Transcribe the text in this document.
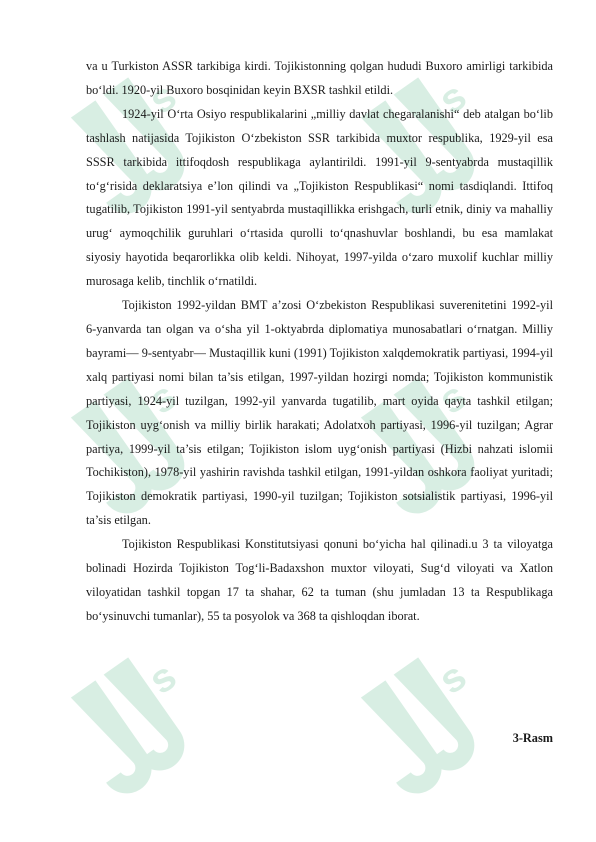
s	s
s	s
s	s

va u Turkiston ASSR tarkibiga kirdi. Tojikistonning qolgan hududi Buxoro amirligi tarkibida bo‘ldi. 1920-yil Buxoro bosqinidan keyin BXSR tashkil etildi.

1924-yil O‘rta Osiyo respublikalarini „milliy davlat chegaralanishi“ deb atalgan bo‘lib tashlash natijasida Tojikiston O‘zbekiston SSR tarkibida muxtor respublika, 1929-yil esa SSSR tarkibida ittifoqdosh respublikaga aylantirildi. 1991-yil 9-sentyabrda mustaqillik to‘g‘risida deklaratsiya e’lon qilindi va „Tojikiston Respublikasi“ nomi tasdiqlandi. Ittifoq tugatilib, Tojikiston 1991-yil sentyabrda mustaqillikka erishgach, turli etnik, diniy va mahalliy urug‘ aymoqchilik guruhlari o‘rtasida qurolli to‘qnashuvlar boshlandi, bu esa mamlakat siyosiy hayotida beqarorlikka olib keldi. Nihoyat, 1997-yilda o‘zaro muxolif kuchlar milliy murosaga kelib, tinchlik o‘rnatildi.

Tojikiston 1992-yildan BMT a’zosi O‘zbekiston Respublikasi suverenitetini 1992-yil 6-yanvarda tan olgan va o‘sha yil 1-oktyabrda diplomatiya munosabatlari o‘rnatgan. Milliy bayrami— 9-sentyabr— Mustaqillik kuni (1991) Tojikiston xalqdemokratik partiyasi, 1994-yil xalq partiyasi nomi bilan ta’sis etilgan, 1997-yildan hozirgi nomda; Tojikiston kommunistik partiyasi, 1924-yil tuzilgan, 1992-yil yanvarda tugatilib, mart oyida qayta tashkil etilgan; Tojikiston uyg‘onish va milliy birlik harakati; Adolatxoh partiyasi, 1996-yil tuzilgan; Agrar partiya, 1999-yil ta’sis etilgan; Tojikiston islom uyg‘onish partiyasi (Hizbi nahzati islomii Tochikiston), 1978-yil yashirin ravishda tashkil etilgan, 1991-yildan oshkora faoliyat yuritadi; Tojikiston demokratik partiyasi, 1990-yil tuzilgan; Tojikiston sotsialistik partiyasi, 1996-yil ta’sis etilgan.

Tojikiston Respublikasi Konstitutsiyasi qonuni bo‘yicha hal qilinadi.u 3 ta viloyatga bo̕linadi Hozirda Tojikiston Tog‘li-Badaxshon muxtor viloyati, Sug‘d viloyati va Xatlon viloyatidan tashkil topgan 17 ta shahar, 62 ta tuman (shu jumladan 13 ta Respublikaga bo‘ysinuvchi tumanlar), 55 ta posyolok va 368 ta qishloqdan iborat.

3-Rasm
